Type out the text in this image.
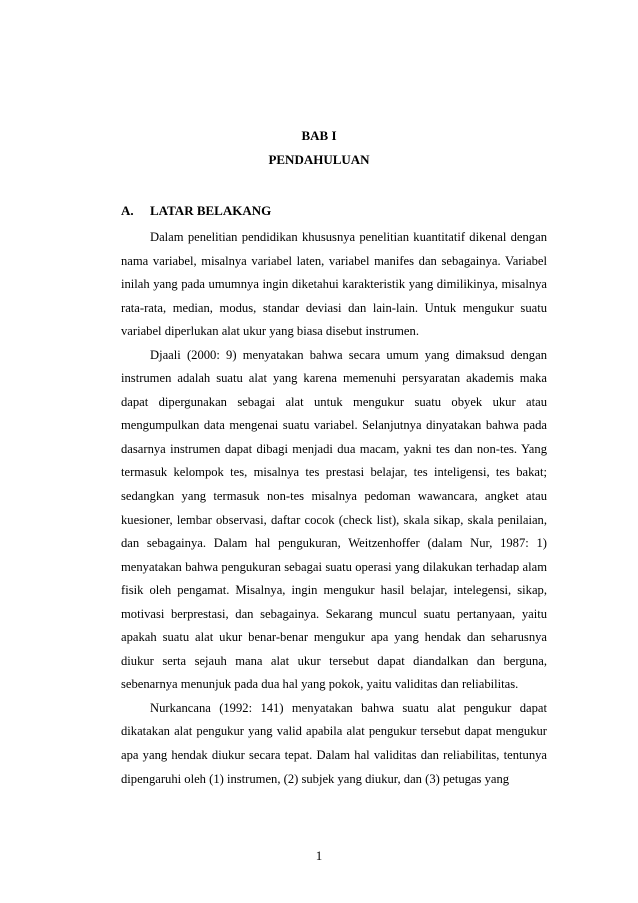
BAB I
PENDAHULUAN
A. LATAR BELAKANG

Dalam penelitian pendidikan khususnya penelitian kuantitatif dikenal dengan nama variabel, misalnya variabel laten, variabel manifes dan sebagainya. Variabel inilah yang pada umumnya ingin diketahui karakteristik yang dimilikinya, misalnya rata-rata, median, modus, standar deviasi dan lain-lain. Untuk mengukur suatu variabel diperlukan alat ukur yang biasa disebut instrumen.

Djaali (2000: 9) menyatakan bahwa secara umum yang dimaksud dengan instrumen adalah suatu alat yang karena memenuhi persyaratan akademis maka dapat dipergunakan sebagai alat untuk mengukur suatu obyek ukur atau mengumpulkan data mengenai suatu variabel. Selanjutnya dinyatakan bahwa pada dasarnya instrumen dapat dibagi menjadi dua macam, yakni tes dan non-tes. Yang termasuk kelompok tes, misalnya tes prestasi belajar, tes inteligensi, tes bakat; sedangkan yang termasuk non-tes misalnya pedoman wawancara, angket atau kuesioner, lembar observasi, daftar cocok (check list), skala sikap, skala penilaian, dan sebagainya. Dalam hal pengukuran, Weitzenhoffer (dalam Nur, 1987: 1) menyatakan bahwa pengukuran sebagai suatu operasi yang dilakukan terhadap alam fisik oleh pengamat. Misalnya, ingin mengukur hasil belajar, intelegensi, sikap, motivasi berprestasi, dan sebagainya. Sekarang muncul suatu pertanyaan, yaitu apakah suatu alat ukur benar-benar mengukur apa yang hendak dan seharusnya diukur serta sejauh mana alat ukur tersebut dapat diandalkan dan berguna, sebenarnya menunjuk pada dua hal yang pokok, yaitu validitas dan reliabilitas.

Nurkancana (1992: 141) menyatakan bahwa suatu alat pengukur dapat dikatakan alat pengukur yang valid apabila alat pengukur tersebut dapat mengukur apa yang hendak diukur secara tepat. Dalam hal validitas dan reliabilitas, tentunya dipengaruhi oleh (1) instrumen, (2) subjek yang diukur, dan (3) petugas yang

1
